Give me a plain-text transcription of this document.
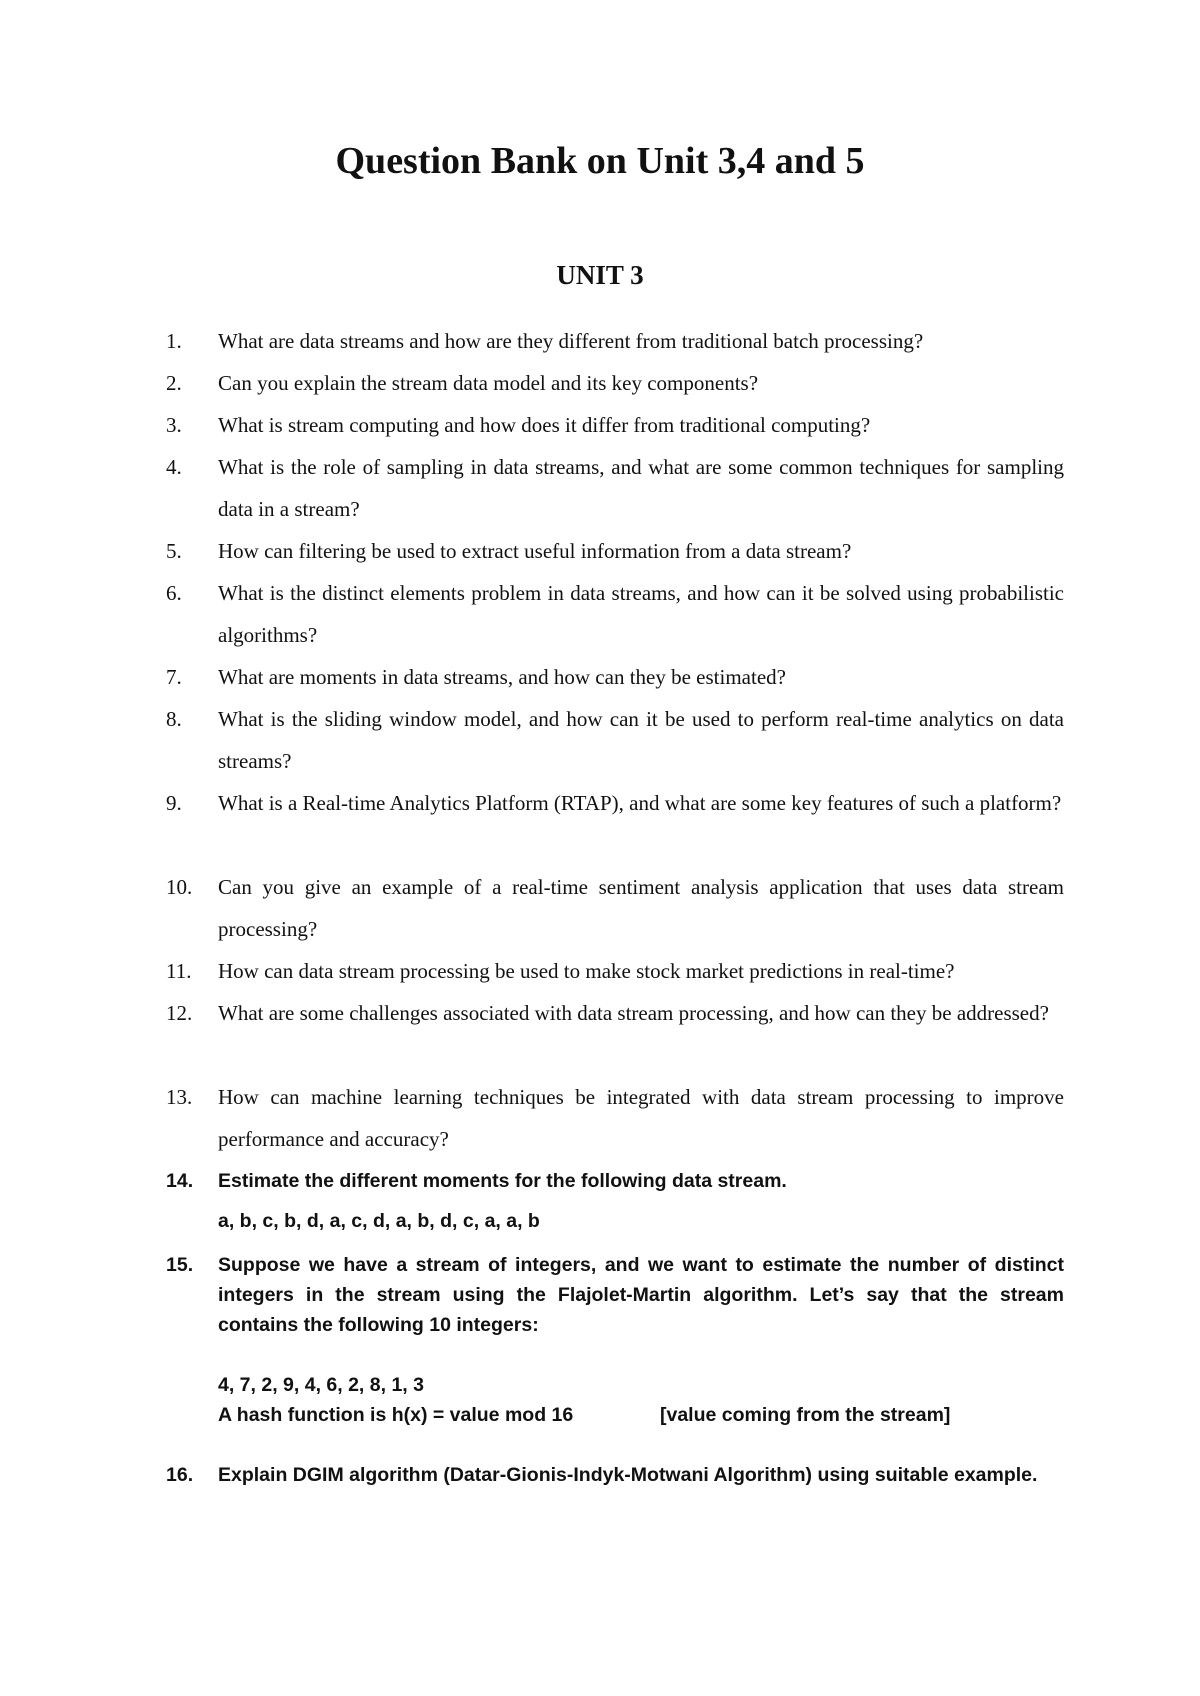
Question Bank on Unit 3,4 and 5
UNIT 3
1. What are data streams and how are they different from traditional batch processing?
2. Can you explain the stream data model and its key components?
3. What is stream computing and how does it differ from traditional computing?
4. What is the role of sampling in data streams, and what are some common techniques for sampling data in a stream?
5. How can filtering be used to extract useful information from a data stream?
6. What is the distinct elements problem in data streams, and how can it be solved using probabilistic algorithms?
7. What are moments in data streams, and how can they be estimated?
8. What is the sliding window model, and how can it be used to perform real-time analytics on data streams?
9. What is a Real-time Analytics Platform (RTAP), and what are some key features of such a platform?
10. Can you give an example of a real-time sentiment analysis application that uses data stream processing?
11. How can data stream processing be used to make stock market predictions in real-time?
12. What are some challenges associated with data stream processing, and how can they be addressed?
13. How can machine learning techniques be integrated with data stream processing to improve performance and accuracy?
14. Estimate the different moments for the following data stream.
a, b, c, b, d, a, c, d, a, b, d, c, a, a, b
15. Suppose we have a stream of integers, and we want to estimate the number of distinct integers in the stream using the Flajolet-Martin algorithm. Let’s say that the stream contains the following 10 integers:
4, 7, 2, 9, 4, 6, 2, 8, 1, 3
A hash function is h(x) = value mod 16	[value coming from the stream]
16. Explain DGIM algorithm (Datar-Gionis-Indyk-Motwani Algorithm) using suitable example.
